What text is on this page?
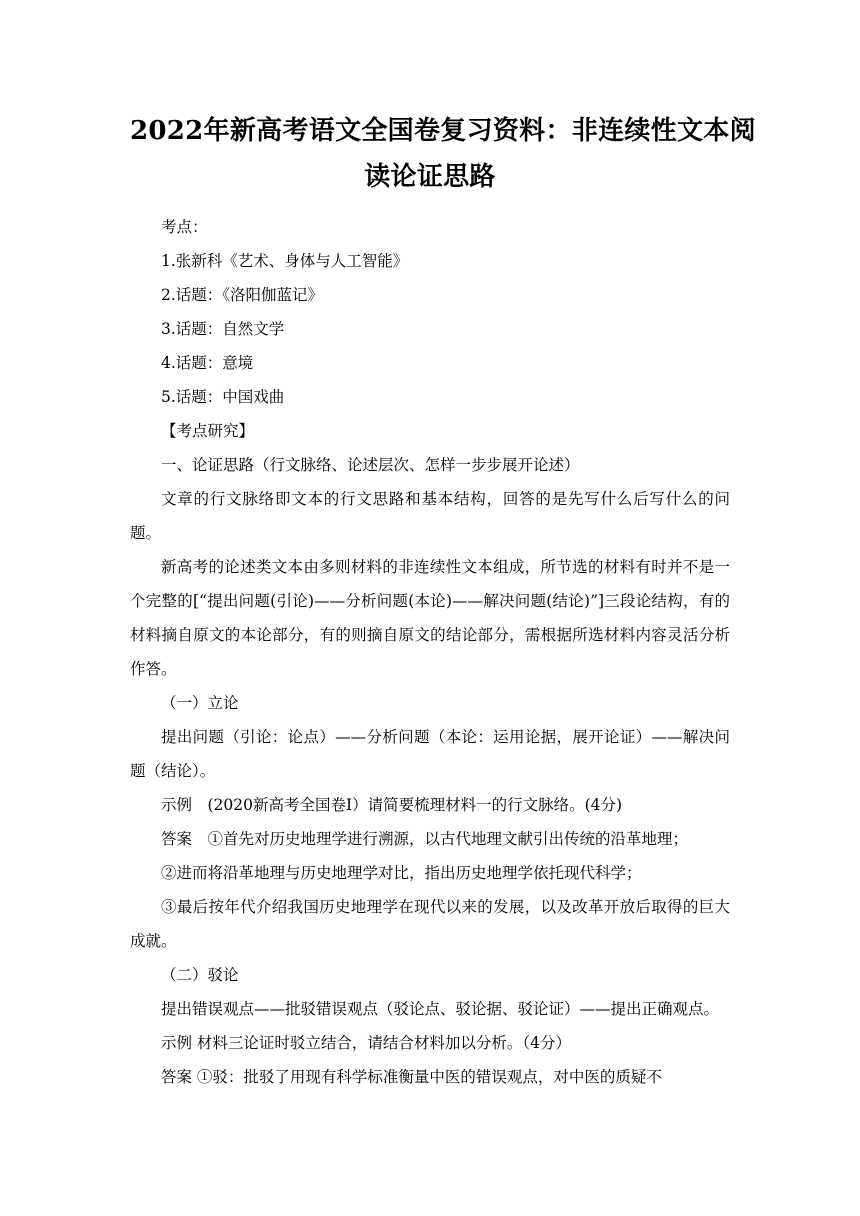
2022年新高考语文全国卷复习资料：非连续性文本阅
读论证思路

考点：

1.张新科《艺术、身体与人工智能》

2.话题：《洛阳伽蓝记》

3.话题：自然文学

4.话题：意境

5.话题：中国戏曲

【考点研究】

一、论证思路（行文脉络、论述层次、怎样一步步展开论述）

文章的行文脉络即文本的行文思路和基本结构，回答的是先写什么后写什么的问题。

新高考的论述类文本由多则材料的非连续性文本组成，所节选的材料有时并不是一个完整的[“提出问题(引论)——分析问题(本论)——解决问题(结论)”]三段论结构，有的材料摘自原文的本论部分，有的则摘自原文的结论部分，需根据所选材料内容灵活分析作答。

（一）立论

提出问题（引论：论点）——分析问题（本论：运用论据，展开论证）——解决问题（结论）。

示例　(2020新高考全国卷Ⅰ）请简要梳理材料一的行文脉络。(4分)

答案　①首先对历史地理学进行溯源，以古代地理文献引出传统的沿革地理；

②进而将沿革地理与历史地理学对比，指出历史地理学依托现代科学；

③最后按年代介绍我国历史地理学在现代以来的发展，以及改革开放后取得的巨大成就。

（二）驳论

提出错误观点——批驳错误观点（驳论点、驳论据、驳论证）——提出正确观点。

示例 材料三论证时驳立结合，请结合材料加以分析。（4分）

答案 ①驳：批驳了用现有科学标准衡量中医的错误观点，对中医的质疑不
